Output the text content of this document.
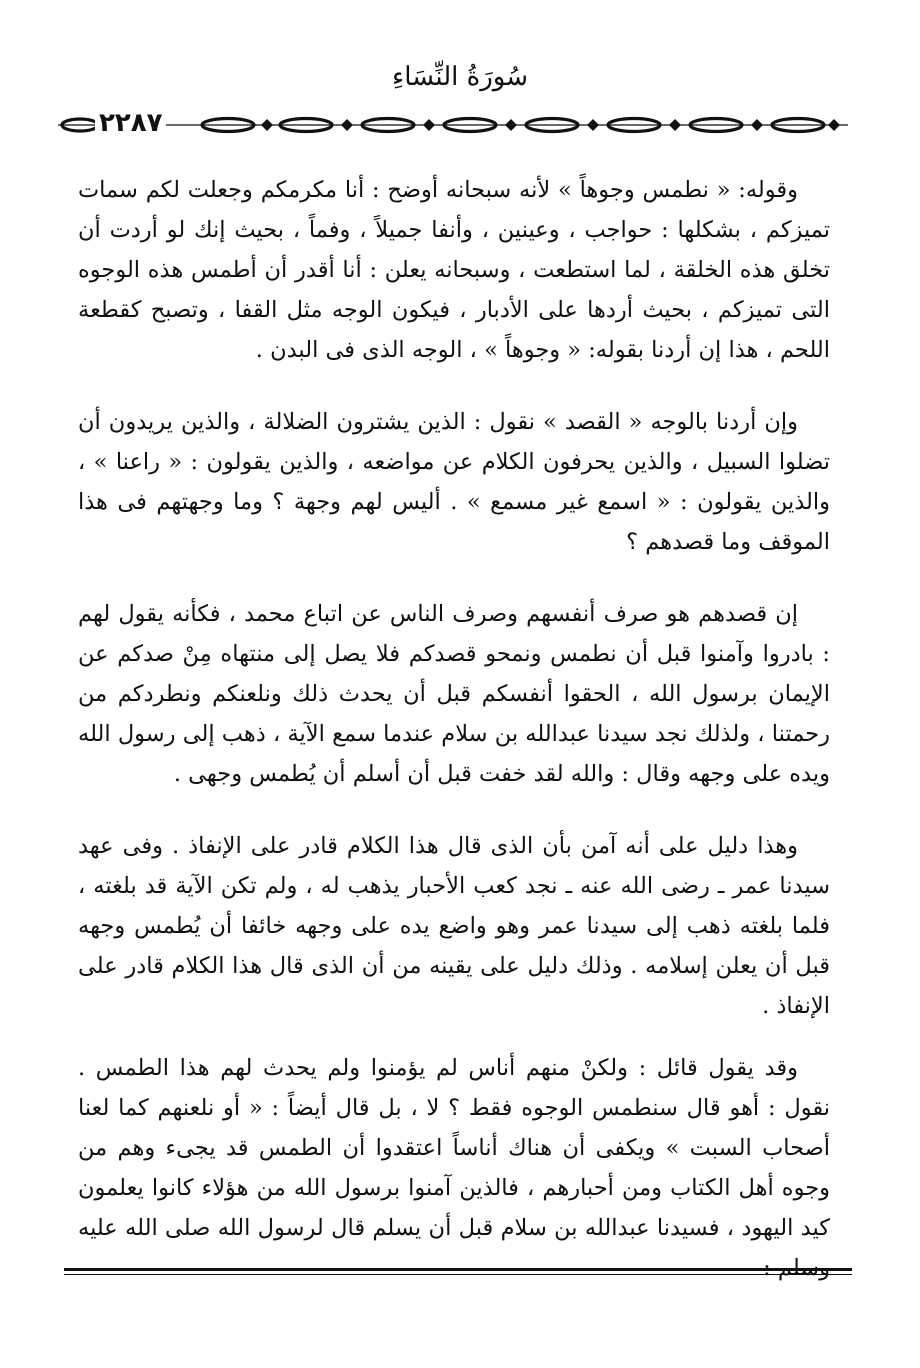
سُورَةُ النِّسَاءِ
٢٢٨٧

وقوله: « نطمس وجوهاً » لأنه سبحانه أوضح : أنا مكرمكم وجعلت لكم سمات تميزكم ، بشكلها : حواجب ، وعينين ، وأنفا جميلاً ، وفماً ، بحيث إنك لو أردت أن تخلق هذه الخلقة ، لما استطعت ، وسبحانه يعلن : أنا أقدر أن أطمس هذه الوجوه التى تميزكم ، بحيث أردها على الأدبار ، فيكون الوجه مثل القفا ، وتصبح كقطعة اللحم ، هذا إن أردنا بقوله: « وجوهاً » ، الوجه الذى فى البدن .

وإن أردنا بالوجه « القصد » نقول : الذين يشترون الضلالة ، والذين يريدون أن تضلوا السبيل ، والذين يحرفون الكلام عن مواضعه ، والذين يقولون : « راعنا » ، والذين يقولون : « اسمع غير مسمع » . أليس لهم وجهة ؟ وما وجهتهم فى هذا الموقف وما قصدهم ؟

إن قصدهم هو صرف أنفسهم وصرف الناس عن اتباع محمد ، فكأنه يقول لهم : بادروا وآمنوا قبل أن نطمس ونمحو قصدكم فلا يصل إلى منتهاه مِنْ صدكم عن الإيمان برسول الله ، الحقوا أنفسكم قبل أن يحدث ذلك ونلعنكم ونطردكم من رحمتنا ، ولذلك نجد سيدنا عبدالله بن سلام عندما سمع الآية ، ذهب إلى رسول الله ويده على وجهه وقال : والله لقد خفت قبل أن أسلم أن يُطمس وجهى .

وهذا دليل على أنه آمن بأن الذى قال هذا الكلام قادر على الإنفاذ . وفى عهد سيدنا عمر ـ رضى الله عنه ـ نجد كعب الأحبار يذهب له ، ولم تكن الآية قد بلغته ، فلما بلغته ذهب إلى سيدنا عمر وهو واضع يده على وجهه خائفا أن يُطمس وجهه قبل أن يعلن إسلامه . وذلك دليل على يقينه من أن الذى قال هذا الكلام قادر على الإنفاذ .

وقد يقول قائل : ولكنْ منهم أناس لم يؤمنوا ولم يحدث لهم هذا الطمس . نقول : أهو قال سنطمس الوجوه فقط ؟ لا ، بل قال أيضاً : « أو نلعنهم كما لعنا أصحاب السبت » ويكفى أن هناك أناساً اعتقدوا أن الطمس قد يجىء وهم من وجوه أهل الكتاب ومن أحبارهم ، فالذين آمنوا برسول الله من هؤلاء كانوا يعلمون كيد اليهود ، فسيدنا عبدالله بن سلام قبل أن يسلم قال لرسول الله صلى الله عليه وسلم :
